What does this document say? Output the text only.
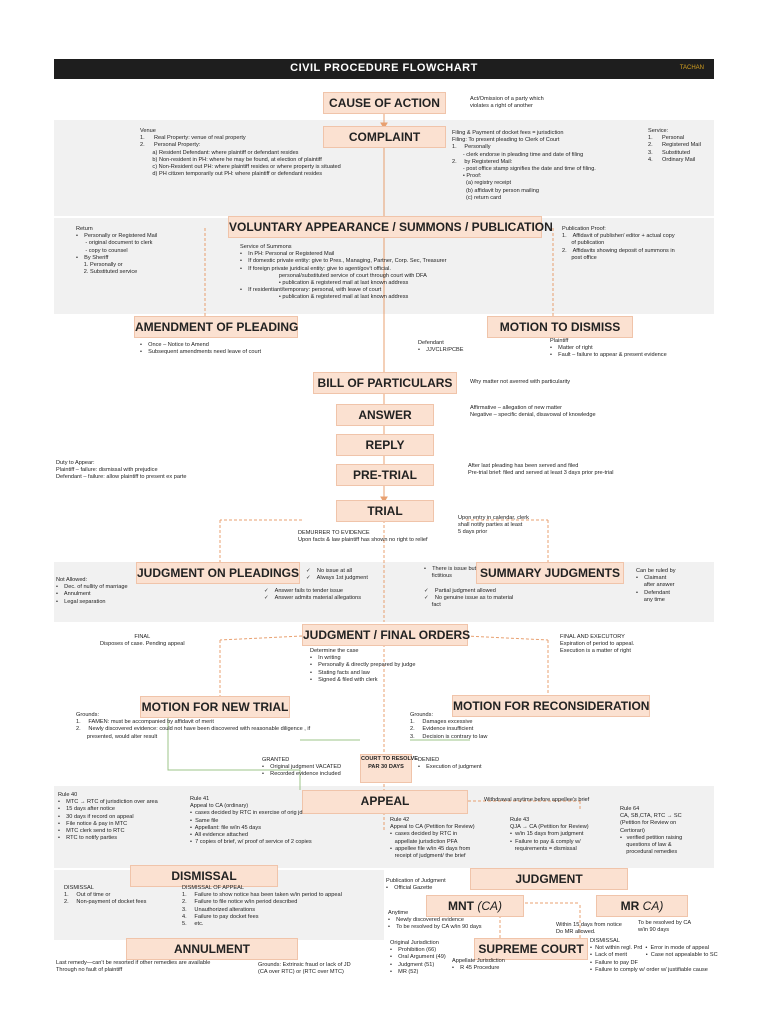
CIVIL PROCEDURE FLOWCHART	TACHAN
CAUSE OF ACTION
COMPLAINT
VOLUNTARY APPEARANCE / SUMMONS / PUBLICATION
AMENDMENT OF PLEADING	MOTION TO DISMISS
BILL OF PARTICULARS
ANSWER
REPLY
PRE-TRIAL
TRIAL
JUDGMENT ON PLEADINGS	SUMMARY JUDGMENTS
JUDGMENT / FINAL ORDERS
MOTION FOR NEW TRIAL	MOTION FOR RECONSIDERATION
APPEAL
DISMISSAL	JUDGMENT
MNT (CA)	MR CA)
ANNULMENT	SUPREME COURT
COURT TO RESOLVE
PAR 30 DAYS
Act/Omission of a party which
violates a right of another
Venue
1.      Real Property: venue of real property
2.      Personal Property:
a) Resident Defendant: where plaintiff or defendant resides
b) Non-resident in PH: where he may be found, at election of plaintiff
c) Non-Resident out PH: where plaintiff resides or where property is situated
d) PH citizen temporarily out PH: where plaintiff or defendant resides
Filing & Payment of docket fees = jurisdiction
Filing: To present pleading to Clerk of Court
1.     Personally
- clerk endorse in pleading time and date of filing
2.     by Registered Mail:
- post office stamp signifies the date and time of filing.
• Proof:
(a) registry receipt
(b) affidavit by person mailing
(c) return card
Service:
1.      Personal
2.      Registered Mail
3.      Substituted
4.      Ordinary Mail
Return
•    Personally or Registered Mail
- original document to clerk
- copy to counsel
•    By Sheriff
1. Personally or
2. Substituted service
Service of Summons
•    In PH: Personal or Registered Mail
•    If domestic private entity: give to Pres., Managing, Partner, Corp. Sec, Treasurer
•    If foreign private juridical entity: give to agent/gov't official.
personal/substituted service of court through court with DFA
• publication & registered mail at last known address
•    If residentiant/temporary: personal, with leave of court
• publication & registered mail at last known address
Publication Proof:
1.    Affidavit of publisher/ editor + actual copy
of publication
2.    Affidavits showing deposit of summons in
post office
•    Once – Notice to Amend
•    Subsequent amendments need leave of court
Defendant
•    JJVCLR/PCBE
Plaintiff
•    Matter of right
•    Fault – failure to appear & present evidence
Why matter not averred with particularity
Affirmative – allegation of new matter
Negative – specific denial, disavowal of knowledge
Duty to Appear:
Plaintiff – failure: dismissal with prejudice
Defendant – failure: allow plaintiff to present ex parte
After last pleading has been served and filed
Pre-trial brief: filed and served at least 3 days prior pre-trial
Upon entry in calendar, clerk
shall notify parties at least
5 days prior
DEMURRER TO EVIDENCE
Upon facts & law plaintiff has shown no right to relief
Not Allowed:
•    Dec. of nullity of marriage
•    Annulment
•    Legal separation
✓    No issue at all
✓    Always 1st judgment
✓    Answer fails to tender issue
✓    Answer admits material allegations
•    There is issue but
fictitious
✓    Partial judgment allowed
✓    No genuine issue as to material
fact
Can be ruled by
•    Claimant
after answer
•    Defendant
any time
FINAL
Disposes of case. Pending appeal
FINAL AND EXECUTORY
Expiration of period to appeal.
Execution is a matter of right
Determine the case
•    In writing
•    Personally & directly prepared by judge
•    Stating facts and law
•    Signed & filed with clerk
Grounds:
1.     FAMEN: must be accompanied by affidavit of merit
2.     Newly discovered evidence: could not have been discovered with reasonable diligence , if
presented, would alter result
Grounds:
1.     Damages excessive
2.     Evidence insufficient
3.     Decision is contrary to law
GRANTED
•    Original judgment VACATED
•    Recorded evidence included
DENIED
•    Execution of judgment
Rule 40
•    MTC → RTC of jurisdiction over area
•    15 days after notice
•    30 days if record on appeal
•    File notice & pay in MTC
•    MTC clerk send to RTC
•    RTC to notify parties
Rule 41
Appeal to CA (ordinary)
•  cases decided by RTC in exercise of orig jd
•  Same file
•  Appellant: file w/in 45 days
•  All evidence attached
•  7 copies of brief, w/ proof of service of 2 copies
Withdrawal anytime before appellee's brief
Rule 42
Appeal to CA (Petition for Review)
•  cases decided by RTC in
appellate jurisdiction PFA
•  appellee file w/in 45 days from
receipt of judgment/ the brief
Rule 43
QJA → CA (Petition for Review)
•  w/in 15 days from judgment
•  Failure to pay & comply w/
requirements = dismissal
Rule 64
CA, SB,CTA, RTC → SC
(Petition for Review on
Certiorari)
•   verified petition raising
questions of law &
procedural remedies
DISMISSAL
1.     Out of time or
2.     Non-payment of docket fees
DISMISSAL OF APPEAL
1.     Failure to show notice has been taken w/in period to appeal
2.     Failure to file notice w/in period described
3.     Unauthorized alterations
4.     Failure to pay docket fees
5.     etc.
Publication of Judgment
•    Official Gazette
Anytime
•    Newly discovered evidence
•    To be resolved by CA w/in 90 days	Within 15 days from notice
Do MR allowed.
To be resolved by CA
w/in 90 days
DISMISSAL
•  Not within regl. Prd  •  Error in mode of appeal
•  Lack of merit            •  Case not appealable to SC
•  Failure to pay DF
•  Failure to comply w/ order w/ justifiable cause
Original Jurisdiction
•    Prohibition (66)
•    Oral Argument (49)
•    Judgment (51)
•    MR (52)
Appellate Jurisdiction
•    R 45 Procedure
Last remedy—can't be resorted if other remedies are available
Through no fault of plaintiff
Grounds: Extrinsic fraud or lack of JD
(CA over RTC) or (RTC over MTC)
